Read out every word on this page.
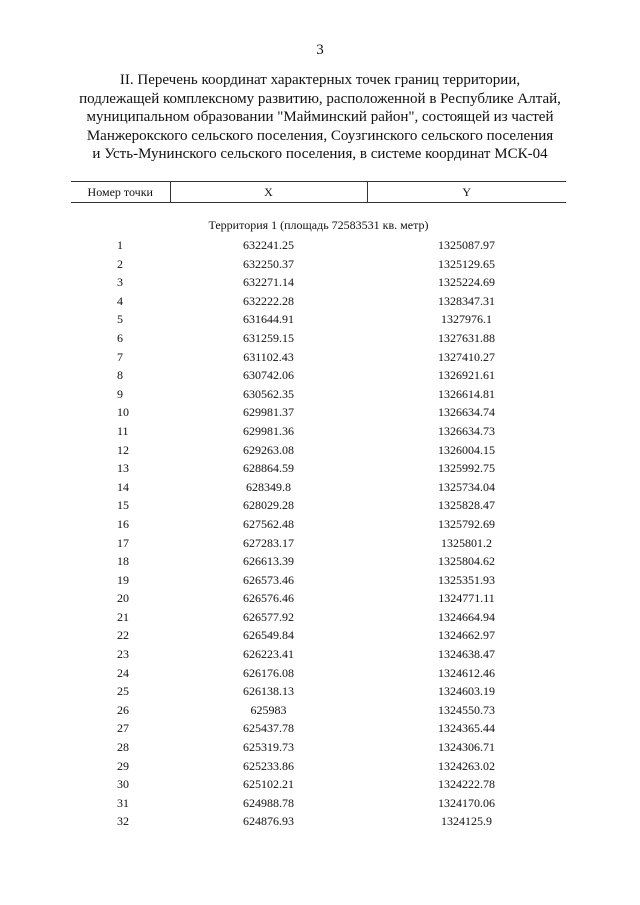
3
II. Перечень координат характерных точек границ территории,
подлежащей комплексному развитию, расположенной в Республике Алтай,
муниципальном образовании "Майминский район", состоящей из частей
Манжерокского сельского поселения, Соузгинского сельского поселения
и Усть-Мунинского сельского поселения, в системе координат МСК-04
Номер точки	X	Y

Территория 1 (площадь 72583531 кв. метр)		
1	632241.25	1325087.97
2	632250.37	1325129.65
3	632271.14	1325224.69
4	632222.28	1328347.31
5	631644.91	1327976.1
6	631259.15	1327631.88
7	631102.43	1327410.27
8	630742.06	1326921.61
9	630562.35	1326614.81
10	629981.37	1326634.74
11	629981.36	1326634.73
12	629263.08	1326004.15
13	628864.59	1325992.75
14	628349.8	1325734.04
15	628029.28	1325828.47
16	627562.48	1325792.69
17	627283.17	1325801.2
18	626613.39	1325804.62
19	626573.46	1325351.93
20	626576.46	1324771.11
21	626577.92	1324664.94
22	626549.84	1324662.97
23	626223.41	1324638.47
24	626176.08	1324612.46
25	626138.13	1324603.19
26	625983	1324550.73
27	625437.78	1324365.44
28	625319.73	1324306.71
29	625233.86	1324263.02
30	625102.21	1324222.78
31	624988.78	1324170.06
32	624876.93	1324125.9
